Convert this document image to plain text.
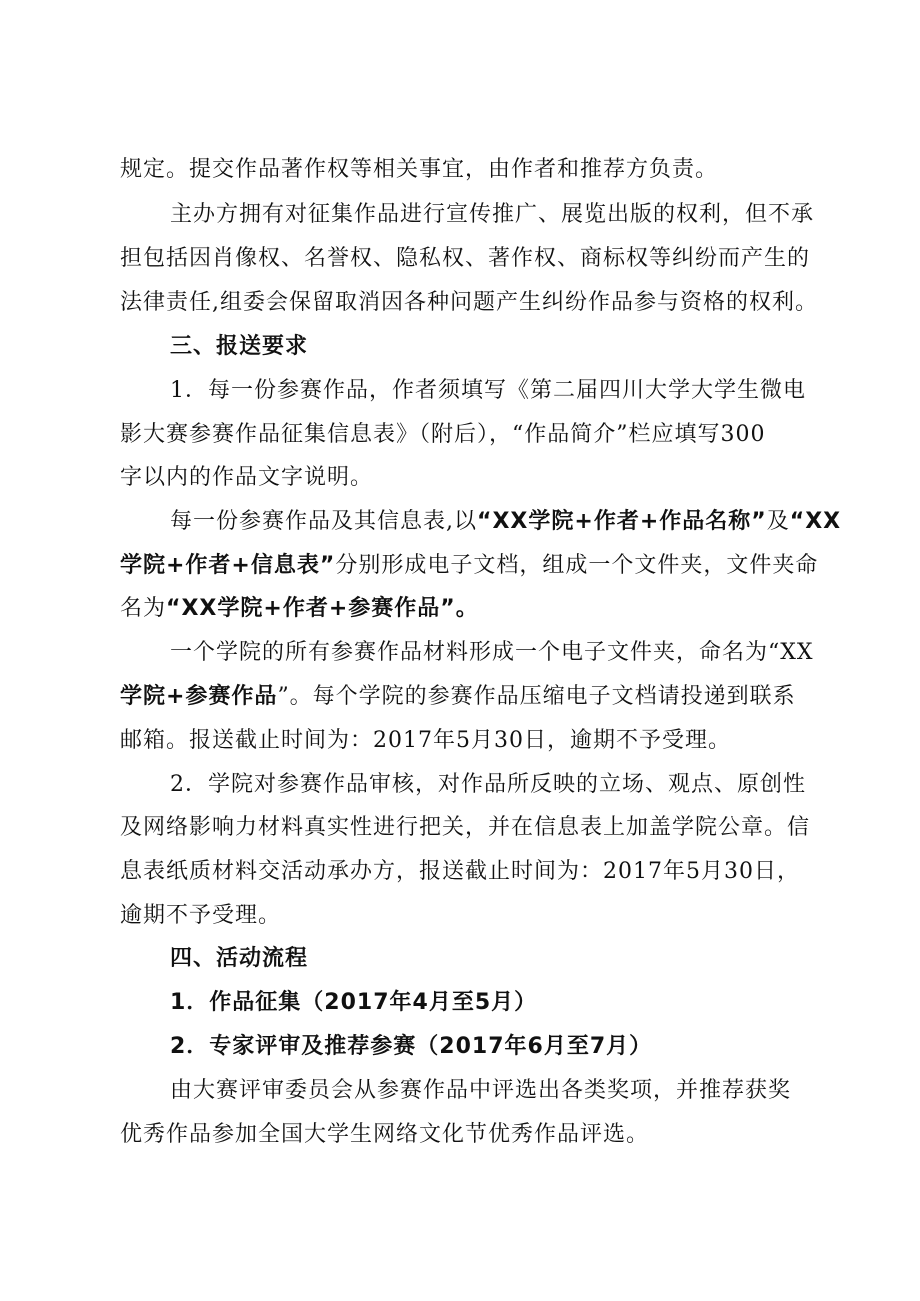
规定。提交作品著作权等相关事宜，由作者和推荐方负责。
主办方拥有对征集作品进行宣传推广、展览出版的权利，但不承
担包括因肖像权、名誉权、隐私权、著作权、商标权等纠纷而产生的
法律责任,组委会保留取消因各种问题产生纠纷作品参与资格的权利。
三、报送要求
1．每一份参赛作品，作者须填写《第二届四川大学大学生微电
影大赛参赛作品征集信息表》（附后），“作品简介”栏应填写300
字以内的作品文字说明。
每一份参赛作品及其信息表,以“XX学院+作者+作品名称”及“XX
学院+作者+信息表”分别形成电子文档，组成一个文件夹，文件夹命
名为“XX学院+作者+参赛作品”。
一个学院的所有参赛作品材料形成一个电子文件夹，命名为“XX
学院+参赛作品”。每个学院的参赛作品压缩电子文档请投递到联系
邮箱。报送截止时间为：2017年5月30日，逾期不予受理。
2．学院对参赛作品审核，对作品所反映的立场、观点、原创性
及网络影响力材料真实性进行把关，并在信息表上加盖学院公章。信
息表纸质材料交活动承办方，报送截止时间为：2017年5月30日，
逾期不予受理。
四、活动流程
1．作品征集（2017年4月至5月）
2．专家评审及推荐参赛（2017年6月至7月）
由大赛评审委员会从参赛作品中评选出各类奖项，并推荐获奖
优秀作品参加全国大学生网络文化节优秀作品评选。
